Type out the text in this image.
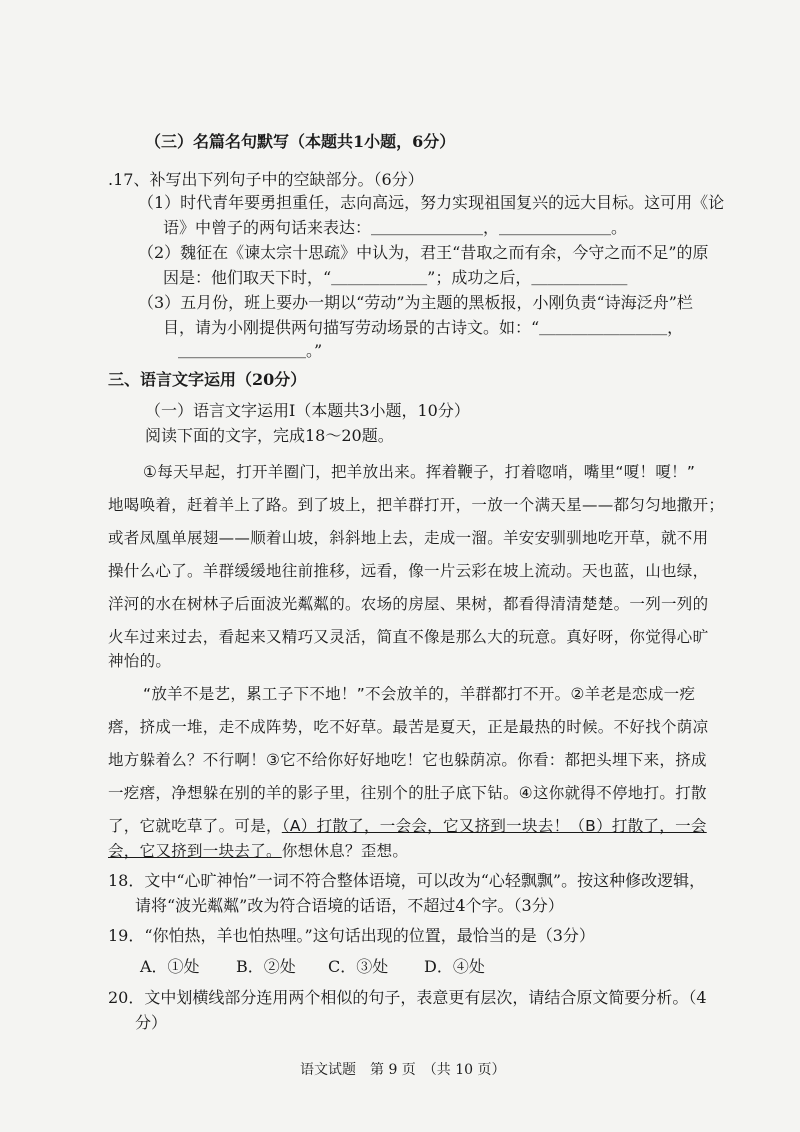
（三）名篇名句默写（本题共1小题，6分）
.17、补写出下列句子中的空缺部分。（6分）
（1）时代青年要勇担重任，志向高远，努力实现祖国复兴的远大目标。这可用《论
语》中曾子的两句话来表达：＿＿＿＿＿＿＿，＿＿＿＿＿＿＿。
（2）魏征在《谏太宗十思疏》中认为，君王“昔取之而有余，今守之而不足”的原
因是：他们取天下时，“＿＿＿＿＿＿”；成功之后，＿＿＿＿＿＿
（3）五月份，班上要办一期以“劳动”为主题的黑板报，小刚负责“诗海泛舟”栏
目，请为小刚提供两句描写劳动场景的古诗文。如：“＿＿＿＿＿＿＿＿，
＿＿＿＿＿＿＿＿。”
三、语言文字运用（20分）
（一）语言文字运用Ⅰ（本题共3小题，10分）
阅读下面的文字，完成18～20题。
①每天早起，打开羊圈门，把羊放出来。挥着鞭子，打着唿哨，嘴里“嗄！嗄！”
地喝唤着，赶着羊上了路。到了坡上，把羊群打开，一放一个满天星——都匀匀地撒开；
或者凤凰单展翅——顺着山坡，斜斜地上去，走成一溜。羊安安驯驯地吃开草，就不用
操什么心了。羊群缓缓地往前推移，远看，像一片云彩在坡上流动。天也蓝，山也绿，
洋河的水在树林子后面波光粼粼的。农场的房屋、果树，都看得清清楚楚。一列一列的
火车过来过去，看起来又精巧又灵活，简直不像是那么大的玩意。真好呀，你觉得心旷
神怡的。
“放羊不是艺，累工子下不地！”不会放羊的，羊群都打不开。②羊老是恋成一疙
瘩，挤成一堆，走不成阵势，吃不好草。最苦是夏天，正是最热的时候。不好找个荫凉
地方躲着么？不行啊！③它不给你好好地吃！它也躲荫凉。你看：都把头埋下来，挤成
一疙瘩，净想躲在别的羊的影子里，往别个的肚子底下钻。④这你就得不停地打。打散
了，它就吃草了。可是，（A）打散了，一会会，它又挤到一块去！（B）打散了，一会
会，它又挤到一块去了。你想休息？歪想。
18．文中“心旷神怡”一词不符合整体语境，可以改为“心轻飘飘”。按这种修改逻辑，
请将“波光粼粼”改为符合语境的话语，不超过4个字。（3分）
19．“你怕热，羊也怕热哩。”这句话出现的位置，最恰当的是（3分）
A．①处 B．②处 C．③处 D．④处
20．文中划横线部分连用两个相似的句子，表意更有层次，请结合原文简要分析。（4
分）
语文试题　第 9 页　（共 10 页）
